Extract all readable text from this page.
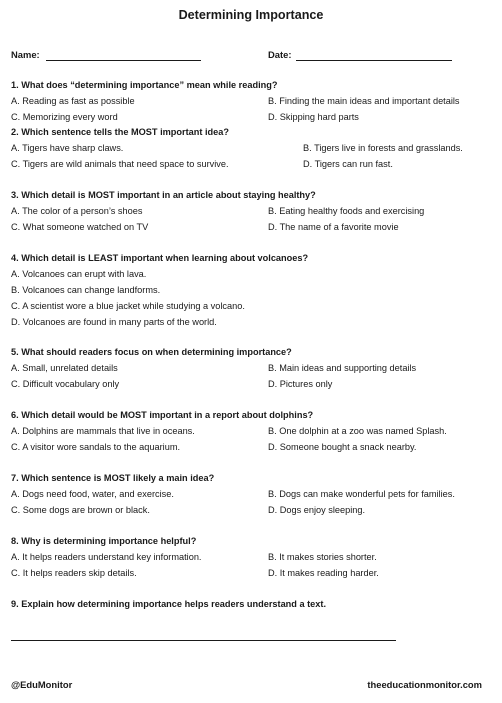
Determining Importance
Name:	Date:
1. What does “determining importance” mean while reading?
A. Reading as fast as possible	B. Finding the main ideas and important details
C. Memorizing every word	D. Skipping hard parts
2. Which sentence tells the MOST important idea?
A. Tigers have sharp claws.	B. Tigers live in forests and grasslands.
C. Tigers are wild animals that need space to survive.	D. Tigers can run fast.
3. Which detail is MOST important in an article about staying healthy?
A. The color of a person’s shoes	B. Eating healthy foods and exercising
C. What someone watched on TV	D. The name of a favorite movie
4. Which detail is LEAST important when learning about volcanoes?
A. Volcanoes can erupt with lava.
B. Volcanoes can change landforms.
C. A scientist wore a blue jacket while studying a volcano.
D. Volcanoes are found in many parts of the world.
5. What should readers focus on when determining importance?
A. Small, unrelated details	B. Main ideas and supporting details
C. Difficult vocabulary only	D. Pictures only
6. Which detail would be MOST important in a report about dolphins?
A. Dolphins are mammals that live in oceans.	B. One dolphin at a zoo was named Splash.
C. A visitor wore sandals to the aquarium.	D. Someone bought a snack nearby.
7. Which sentence is MOST likely a main idea?
A. Dogs need food, water, and exercise.	B. Dogs can make wonderful pets for families.
C. Some dogs are brown or black.	D. Dogs enjoy sleeping.
8. Why is determining importance helpful?
A. It helps readers understand key information.	B. It makes stories shorter.
C. It helps readers skip details.	D. It makes reading harder.
9. Explain how determining importance helps readers understand a text.
@EduMonitor	theeducationmonitor.com
